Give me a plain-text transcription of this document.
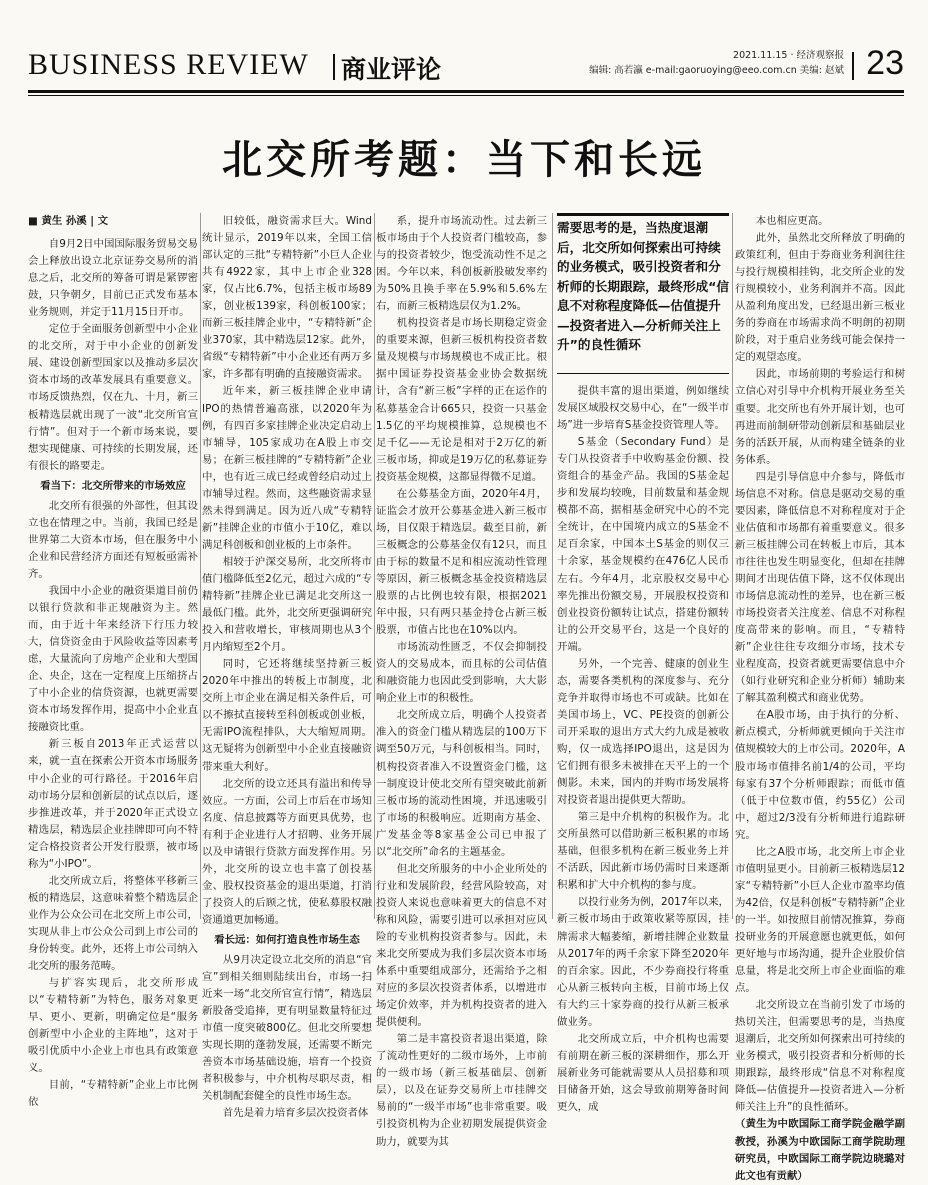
BUSINESS REVIEW 商业评论	2021.11.15 · 经济观察报
编辑: 高若瀛 e-mail:gaoruoying@eeo.com.cn 美编: 赵斌 23
北交所考题：当下和长远

■ 黄生 孙溪 | 文

自9月2日中国国际服务贸易交易会上释放出设立北京证券交易所的消息之后，北交所的筹备可谓是紧锣密鼓，只争朝夕，目前已正式发布基本业务规则，并定于11月15日开市。

定位于全面服务创新型中小企业的北交所，对于中小企业的创新发展、建设创新型国家以及推动多层次资本市场的改革发展具有重要意义。市场反馈热烈，仅在九、十月，新三板精选层就出现了一波“北交所官宣行情”。但对于一个新市场来说，要想实现健康、可持续的长期发展，还有很长的路要走。

看当下：北交所带来的市场效应

北交所有很强的外部性，但其设立也在情理之中。当前，我国已经是世界第二大资本市场，但在服务中小企业和民营经济方面还有短板亟需补齐。

我国中小企业的融资渠道目前仍以银行贷款和非正规融资为主。然而，由于近十年来经济下行压力较大，信贷资金由于风险收益等因素考虑，大量流向了房地产企业和大型国企、央企，这在一定程度上压缩挤占了中小企业的信贷资源，也就更需要资本市场发挥作用，提高中小企业直接融资比重。

新三板自2013年正式运营以来，就一直在探索公开资本市场服务中小企业的可行路径。于2016年启动市场分层和创新层的试点以后，逐步推进改革，并于2020年正式设立精选层，精选层企业挂牌即可向不特定合格投资者公开发行股票，被市场称为“小IPO”。

北交所成立后，将整体平移新三板的精选层，这意味着整个精选层企业作为公众公司在北交所上市公司，实现从非上市公众公司到上市公司的身份转变。此外，还将上市公司纳入北交所的服务范畴。

与扩容实现后，北交所形成以“专精特新”为特色，服务对象更早、更小、更新，明确定位是“服务创新型中小企业的主阵地”，这对于吸引优质中小企业上市也具有政策意义。

目前，“专精特新”企业上市比例依

旧较低，融资需求巨大。Wind统计显示，2019年以来，全国工信部认定的三批“专精特新”小巨人企业共有4922家，其中上市企业328家，仅占比6.7%，包括主板市场89家，创业板139家，科创板100家；而新三板挂牌企业中，“专精特新”企业370家，其中精选层12家。此外，省级“专精特新”中小企业还有两万多家，许多都有明确的直接融资需求。

近年来，新三板挂牌企业申请IPO的热情普遍高涨，以2020年为例，有四百多家挂牌企业决定启动上市辅导，105家成功在A股上市交易；在新三板挂牌的“专精特新”企业中，也有近三成已经或曾经启动过上市辅导过程。然而，这些融资需求显然未得到满足。因为近八成“专精特新”挂牌企业的市值小于10亿，难以满足科创板和创业板的上市条件。

相较于沪深交易所，北交所将市值门槛降低至2亿元，超过六成的“专精特新”挂牌企业已满足北交所这一最低门槛。此外，北交所更强调研究投入和营收增长，审核周期也从3个月内缩短至2个月。

同时，它还将继续坚持新三板2020年中推出的转板上市制度，北交所上市企业在满足相关条件后，可以不擦拭直接转至科创板或创业板，无需IPO流程排队，大大缩短周期。这无疑将为创新型中小企业直接融资带来重大利好。

北交所的设立还具有溢出和传导效应。一方面，公司上市后在市场知名度、信息披露等方面更具优势，也有利于企业进行人才招聘、业务开展以及申请银行贷款方面发挥作用。另外，北交所的设立也丰富了创投基金、股权投资基金的退出渠道，打消了投资人的后顾之忧，使私募股权融资通道更加畅通。

看长远：如何打造良性市场生态

从9月决定设立北交所的消息“官宣”到相关细则陆续出台，市场一扫近来一场“北交所官宣行情”，精选层新股备受追捧，更有明显数量特征过市值一度突破800亿。但北交所要想实现长期的蓬勃发展，还需要不断完善资本市场基础设施，培育一个投资者积极参与，中介机构尽职尽责，相关机制配套健全的良性市场生态。

首先是着力培育多层次投资者体

系，提升市场流动性。过去新三板市场由于个人投资者门槛较高，参与的投资者较少，饱受流动性不足之困。今年以来，科创板新股破发率约为50%且换手率在5.9%和5.6%左右，而新三板精选层仅为1.2%。

机构投资者是市场长期稳定资金的重要来源，但新三板机构投资者数量及规模与市场规模也不成正比。根据中国证券投资基金业协会数据统计，含有“新三板”字样的正在运作的私募基金合计665只，投资一只基金1.5亿的平均规模推算，总规模也不足千亿——无论是相对于2万亿的新三板市场，抑或是19万亿的私募证券投资基金规模，这都显得微不足道。

在公募基金方面，2020年4月，证监会才放开公募基金进入新三板市场，目仅限于精选层。截至目前，新三板概念的公募基金仅有12只，而且由于标的数量不足和相应流动性管理等原因，新三板概念基金投资精选层股票的占比例也较有限，根据2021年中报，只有两只基金持仓占新三板股票，市值占比也在10%以内。

市场流动性匮乏，不仅会抑制投资人的交易成本，而且标的公司估值和融资能力也因此受到影响，大大影响企业上市的积极性。

北交所成立后，明确个人投资者准入的资金门槛从精选层的100万下调至50万元，与科创板相当。同时，机构投资者准入不设置资金门槛，这一制度设计使北交所有望突破此前新三板市场的流动性困境，并迅速吸引了市场的积极响应。近期南方基金、广发基金等8家基金公司已申报了以“北交所”命名的主题基金。

但北交所服务的中小企业所处的行业和发展阶段，经营风险较高，对投资人来说也意味着更大的信息不对称和风险，需要引进可以承担对应风险的专业机构投资者参与。因此，未来北交所要成为我们多层次资本市场体系中重要组成部分，还需给予之相对应的多层次投资者体系，以增进市场定价效率，并为机构投资者的进入提供便利。

第二是丰富投资者退出渠道，除了流动性更好的二级市场外，上市前的一级市场（新三板基础层、创新层），以及在证券交易所上市挂牌交易前的“一级半市场”也非常重要。吸引投资机构为企业初期发展提供资金助力，就要为其

需要思考的是，当热度退潮后，北交所如何探索出可持续的业务模式，吸引投资者和分析师的长期跟踪，最终形成“信息不对称程度降低—估值提升—投资者进入—分析师关注上升”的良性循环

提供丰富的退出渠道，例如继续发展区域股权交易中心，在“一级半市场”进一步培育S基金投资管理人等。

S基金（Secondary Fund）是专门从投资者手中收购基金份额、投资组合的基金产品。我国的S基金起步和发展均较晚，目前数量和基金规模都不高，据相基金研究中心的不完全统计，在中国境内成立的S基金不足百余家，中国本土S基金的则仅三十余家，基金规模约在476亿人民币左右。今年4月，北京股权交易中心率先推出份额交易，开展股权投资和创业投资份额转让试点，搭建份额转让的公开交易平台，这是一个良好的开端。

另外，一个完善、健康的创业生态，需要各类机构的深度参与、充分竞争并取得市场也不可或缺。比如在美国市场上，VC、PE投资的创新公司开采取的退出方式大约九成是被收购，仅一成选择IPO退出，这是因为它们拥有很多未被排在天平上的一个侧影。未来，国内的并购市场发展将对投资者退出提供更大帮助。

第三是中介机构的积极作为。北交所虽然可以借助新三板积累的市场基础，但很多机构在新三板业务上并不活跃，因此新市场仍需时日来逐渐积累和扩大中介机构的参与度。

以投行业务为例，2017年以来，新三板市场由于政策收紧等原因，挂牌需求大幅萎缩，新增挂牌企业数量从2017年的两千余家下降至2020年的百余家。因此，不少券商投行将重心从新三板转向主板，目前市场上仅有大约三十家券商的投行从新三板承做业务。

北交所成立后，中介机构也需要有前期在新三板的深耕细作，那么开展新业务可能就需要从人员招募和项目储备开始，这会导致前期筹备时间更久，成

本也相应更高。

此外，虽然北交所释放了明确的政策红利，但由于券商业务利润往往与投行规模相挂钩，北交所企业的发行规模较小，业务利润并不高。因此从盈利角度出发，已经退出新三板业务的券商在市场需求尚不明朗的初期阶段，对于重启业务线可能会保持一定的观望态度。

因此，市场前期的考验运行和树立信心对引导中介机构开展业务至关重要。北交所也有外开展计划，也可再进而前制研带动创新层和基础层业务的活跃开展，从而构建全链条的业务体系。

四是引导信息中介参与，降低市场信息不对称。信息是驱动交易的重要因素，降低信息不对称程度对于企业估值和市场都有着重要意义。很多新三板挂牌公司在转板上市后，其本市往往也发生明显变化，但却在挂牌期间才出现估值下降，这不仅体现出市场信息流动性的差异，也在新三板市场投资者关注度差、信息不对称程度高带来的影响。而且，“专精特新”企业往往专攻细分市场，技术专业程度高，投资者就更需要信息中介（如行业研究和企业分析师）辅助来了解其盈利模式和商业优势。

在A股市场，由于执行的分析、新点模式，分析师就更倾向于关注市值规模较大的上市公司。2020年，A股市场市值排名前1/4的公司，平均每家有37个分析师跟踪；而低市值（低于中位数市值，约55亿）公司中，超过2/3没有分析师进行追踪研究。

比之A股市场，北交所上市企业市值明显更小。目前新三板精选层12家“专精特新”小巨人企业市盈率均值为42倍，仅是科创板“专精特新”企业的一半。如按照目前情况推算，券商投研业务的开展意愿也就更低，如何更好地与市场沟通，提升企业股价信息量，将是北交所上市企业面临的难点。

北交所设立在当前引发了市场的热切关注，但需要思考的是，当热度退潮后，北交所如何探索出可持续的业务模式，吸引投资者和分析师的长期跟踪，最终形成“信息不对称程度降低—估值提升—投资者进入—分析师关注上升”的良性循环。

（黄生为中欧国际工商学院金融学副教授，孙溪为中欧国际工商学院助理研究员，中欧国际工商学院边晓璐对此文也有贡献）
